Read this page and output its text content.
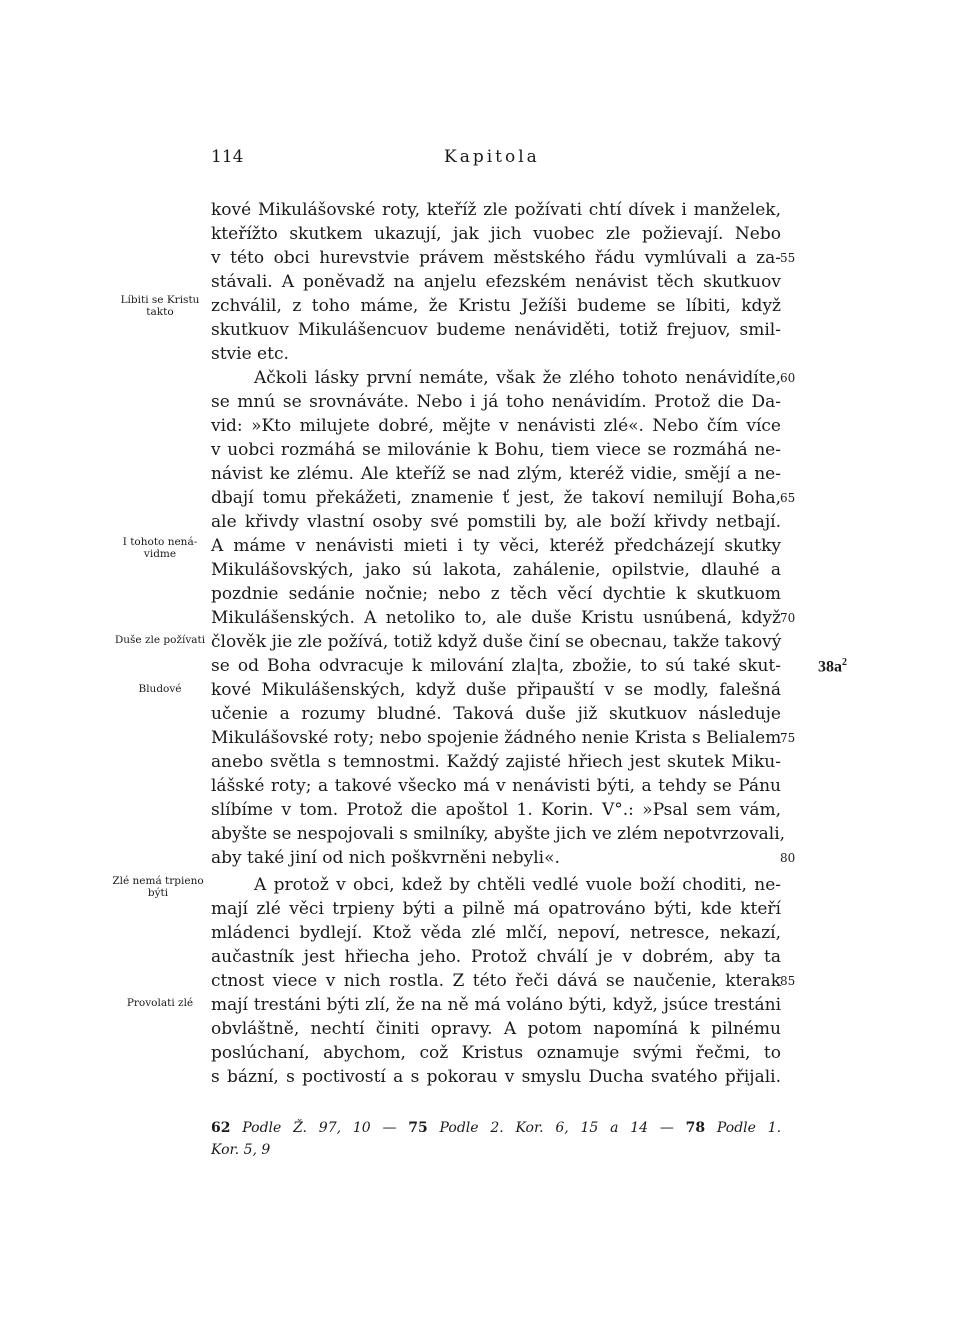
114	Kapitola
kové Mikulášovské roty, kteříž zle požívati chtí dívek i manželek,
kteřížto skutkem ukazují, jak jich vuobec zle požievají. Nebo
v této obci hurevstvie právem městského řádu vymlúvali a za-
stávali. A poněvadž na anjelu efezském nenávist těch skutkuov
zchválil, z toho máme, že Kristu Ježíši budeme se líbiti, když
skutkuov Mikulášencuov budeme nenáviděti, totiž frejuov, smil-
stvie etc.
Ačkoli lásky první nemáte, však že zlého tohoto nenávidíte,
se mnú se srovnáváte. Nebo i já toho nenávidím. Protož die Da-
vid: »Kto milujete dobré, mějte v nenávisti zlé«. Nebo čím více
v uobci rozmáhá se milovánie k Bohu, tiem viece se rozmáhá ne-
návist ke zlému. Ale kteříž se nad zlým, kteréž vidie, smějí a ne-
dbají tomu překážeti, znamenie ť jest, že takoví nemilují Boha,
ale křivdy vlastní osoby své pomstili by, ale boží křivdy netbají.
A máme v nenávisti mieti i ty věci, kteréž předcházejí skutky
Mikulášovských, jako sú lakota, zahálenie, opilstvie, dlauhé a
pozdnie sedánie nočnie; nebo z těch věcí dychtie k skutkuom
Mikulášenských. A netoliko to, ale duše Kristu usnúbená, když
člověk jie zle požívá, totiž když duše činí se obecnau, takže takový
se od Boha odvracuje k milování zla|ta, zbožie, to sú také skut-
kové Mikulášenských, když duše připauští v se modly, falešná
učenie a rozumy bludné. Taková duše již skutkuov následuje
Mikulášovské roty; nebo spojenie žádného nenie Krista s Belialem
anebo světla s temnostmi. Každý zajisté hřiech jest skutek Miku-
lášské roty; a takové všecko má v nenávisti býti, a tehdy se Pánu
slíbíme v tom. Protož die apoštol 1. Korin. V°.: »Psal sem vám,
abyšte se nespojovali s smilníky, abyšte jich ve zlém nepotvrzovali,
aby také jiní od nich poškvrněni nebyli«.
A protož v obci, kdež by chtěli vedlé vuole boží choditi, ne-
mají zlé věci trpieny býti a pilně má opatrováno býti, kde kteří
mládenci bydlejí. Ktož věda zlé mlčí, nepoví, netresce, nekazí,
aučastník jest hřiecha jeho. Protož chválí je v dobrém, aby ta
ctnost viece v nich rostla. Z této řeči dává se naučenie, kterak
mají trestáni býti zlí, že na ně má voláno býti, když, jsúce trestáni
obvláštně, nechtí činiti opravy. A potom napomíná k pilnému
poslúchaní, abychom, což Kristus oznamuje svými řečmi, to
s bázní, s poctivostí a s pokorau v smyslu Ducha svatého přijali.
55
60
65
70
75
80
85
Líbiti se Kristu
takto
I tohoto nená-
vidme
Duše zle požívati
Bludové
Zlé nemá trpieno
býti
Provolati zlé
$38a^2$
62 Podle Ž. 97, 10 — 75 Podle 2. Kor. 6, 15 a 14 — 78 Podle 1.
Kor. 5, 9
